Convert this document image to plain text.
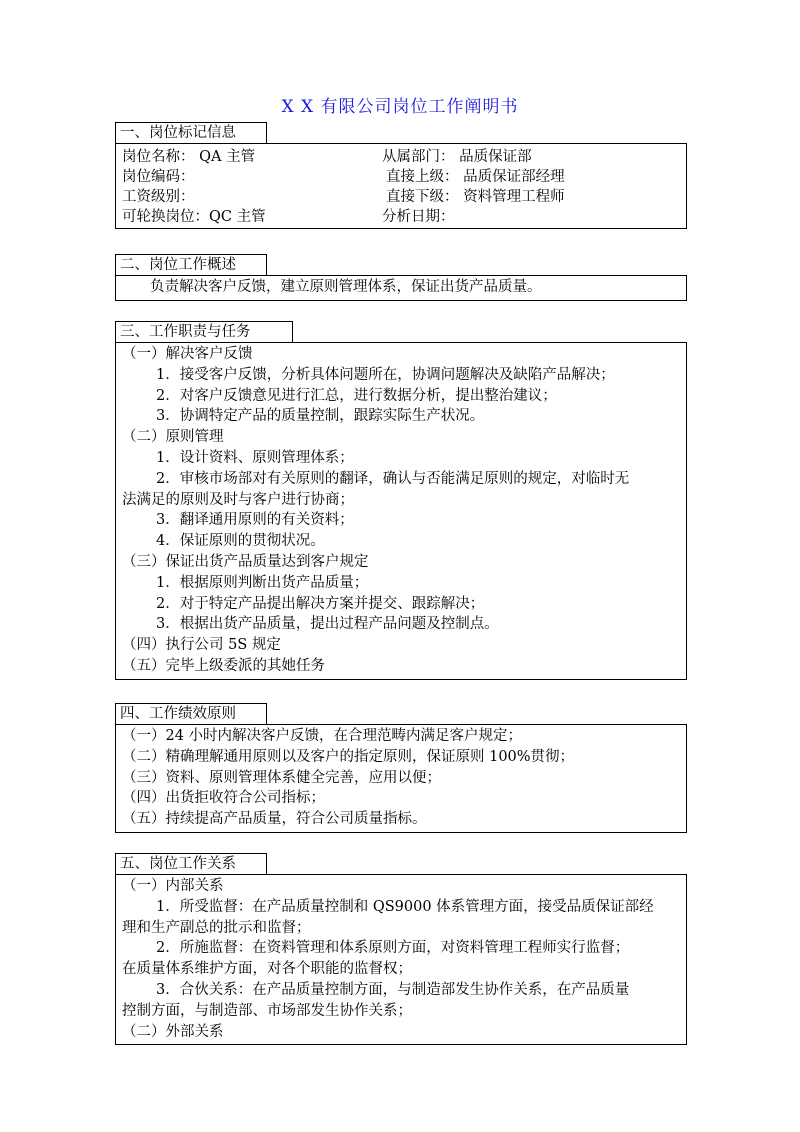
X X 有限公司岗位工作阐明书
一、岗位标记信息
岗位名称： QA 主管	从属部门： 品质保证部
岗位编码：	直接上级： 品质保证部经理
工资级别：	直接下级： 资料管理工程师
可轮换岗位：QC 主管	分析日期：
二、岗位工作概述
负责解决客户反馈，建立原则管理体系，保证出货产品质量。
三、工作职责与任务
（一）解决客户反馈
1．接受客户反馈，分析具体问题所在，协调问题解决及缺陷产品解决；
2．对客户反馈意见进行汇总，进行数据分析，提出整治建议；
3．协调特定产品的质量控制，跟踪实际生产状况。
（二）原则管理
1．设计资料、原则管理体系；
2．审核市场部对有关原则的翻译，确认与否能满足原则的规定，对临时无
法满足的原则及时与客户进行协商；
3．翻译通用原则的有关资料；
4．保证原则的贯彻状况。
（三）保证出货产品质量达到客户规定
1．根据原则判断出货产品质量；
2．对于特定产品提出解决方案并提交、跟踪解决；
3．根据出货产品质量，提出过程产品问题及控制点。
（四）执行公司 5S 规定
（五）完毕上级委派的其她任务
四、工作绩效原则
（一）24 小时内解决客户反馈，在合理范畴内满足客户规定；
（二）精确理解通用原则以及客户的指定原则，保证原则 100%贯彻；
（三）资料、原则管理体系健全完善，应用以便；
（四）出货拒收符合公司指标；
（五）持续提高产品质量，符合公司质量指标。
五、岗位工作关系
（一）内部关系
1．所受监督：在产品质量控制和 QS9000 体系管理方面，接受品质保证部经
理和生产副总的批示和监督；
2．所施监督：在资料管理和体系原则方面，对资料管理工程师实行监督；
在质量体系维护方面，对各个职能的监督权；
3．合伙关系：在产品质量控制方面，与制造部发生协作关系，在产品质量
控制方面，与制造部、市场部发生协作关系；
（二）外部关系
